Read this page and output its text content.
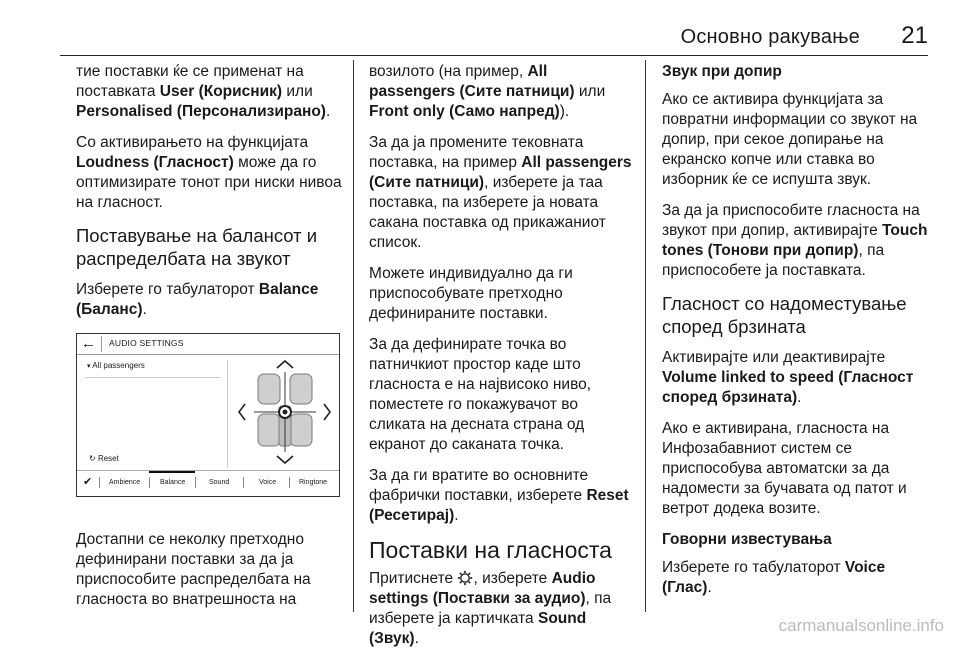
Основно ракување 21

тие поставки ќе се применат на поставката User (Корисник) или Personalised (Персонализирано).

Со активирањето на функцијата Loudness (Гласност) може да го оптимизирате тонот при ниски нивоа на гласност.

Поставување на балансот и распределбата на звукот

Изберете го табулаторот Balance (Баланс).

← AUDIO SETTINGS
▾ All passengers
↻ Reset
✔ Ambience	Balance	Sound	Voice	Ringtone

Достапни се неколку претходно дефинирани поставки за да ја приспособите распределбата на гласноста во внатрешноста на

возилото (на пример, All passengers (Сите патници) или Front only (Само напред)).

За да ја промените тековната поставка, на пример All passengers (Сите патници), изберете ја таа поставка, па изберете ја новата сакана поставка од прикажаниот список.

Можете индивидуално да ги приспособувате претходно дефинираните поставки.

За да дефинирате точка во патничкиот простор каде што гласноста е на највисоко ниво, поместете го покажувачот во сликата на десната страна од екранот до саканата точка.

За да ги вратите во основните фабрички поставки, изберете Reset (Ресетирај).

Поставки на гласноста

Притиснете , изберете Audio settings (Поставки за аудио), па изберете ја картичката Sound (Звук).

Звук при допир

Ако се активира функцијата за повратни информации со звукот на допир, при секое допирање на екранско копче или ставка во изборник ќе се испушта звук.

За да ја приспособите гласноста на звукот при допир, активирајте Touch tones (Тонови при допир), па приспособете ја поставката.

Гласност со надоместување според брзината

Активирајте или деактивирајте Volume linked to speed (Гласност според брзината).

Ако е активирана, гласноста на Инфозабавниот систем се приспособува автоматски за да надомести за бучавата од патот и ветрот додека возите.

Говорни известувања

Изберете го табулаторот Voice (Глас).

carmanualsonline.info
